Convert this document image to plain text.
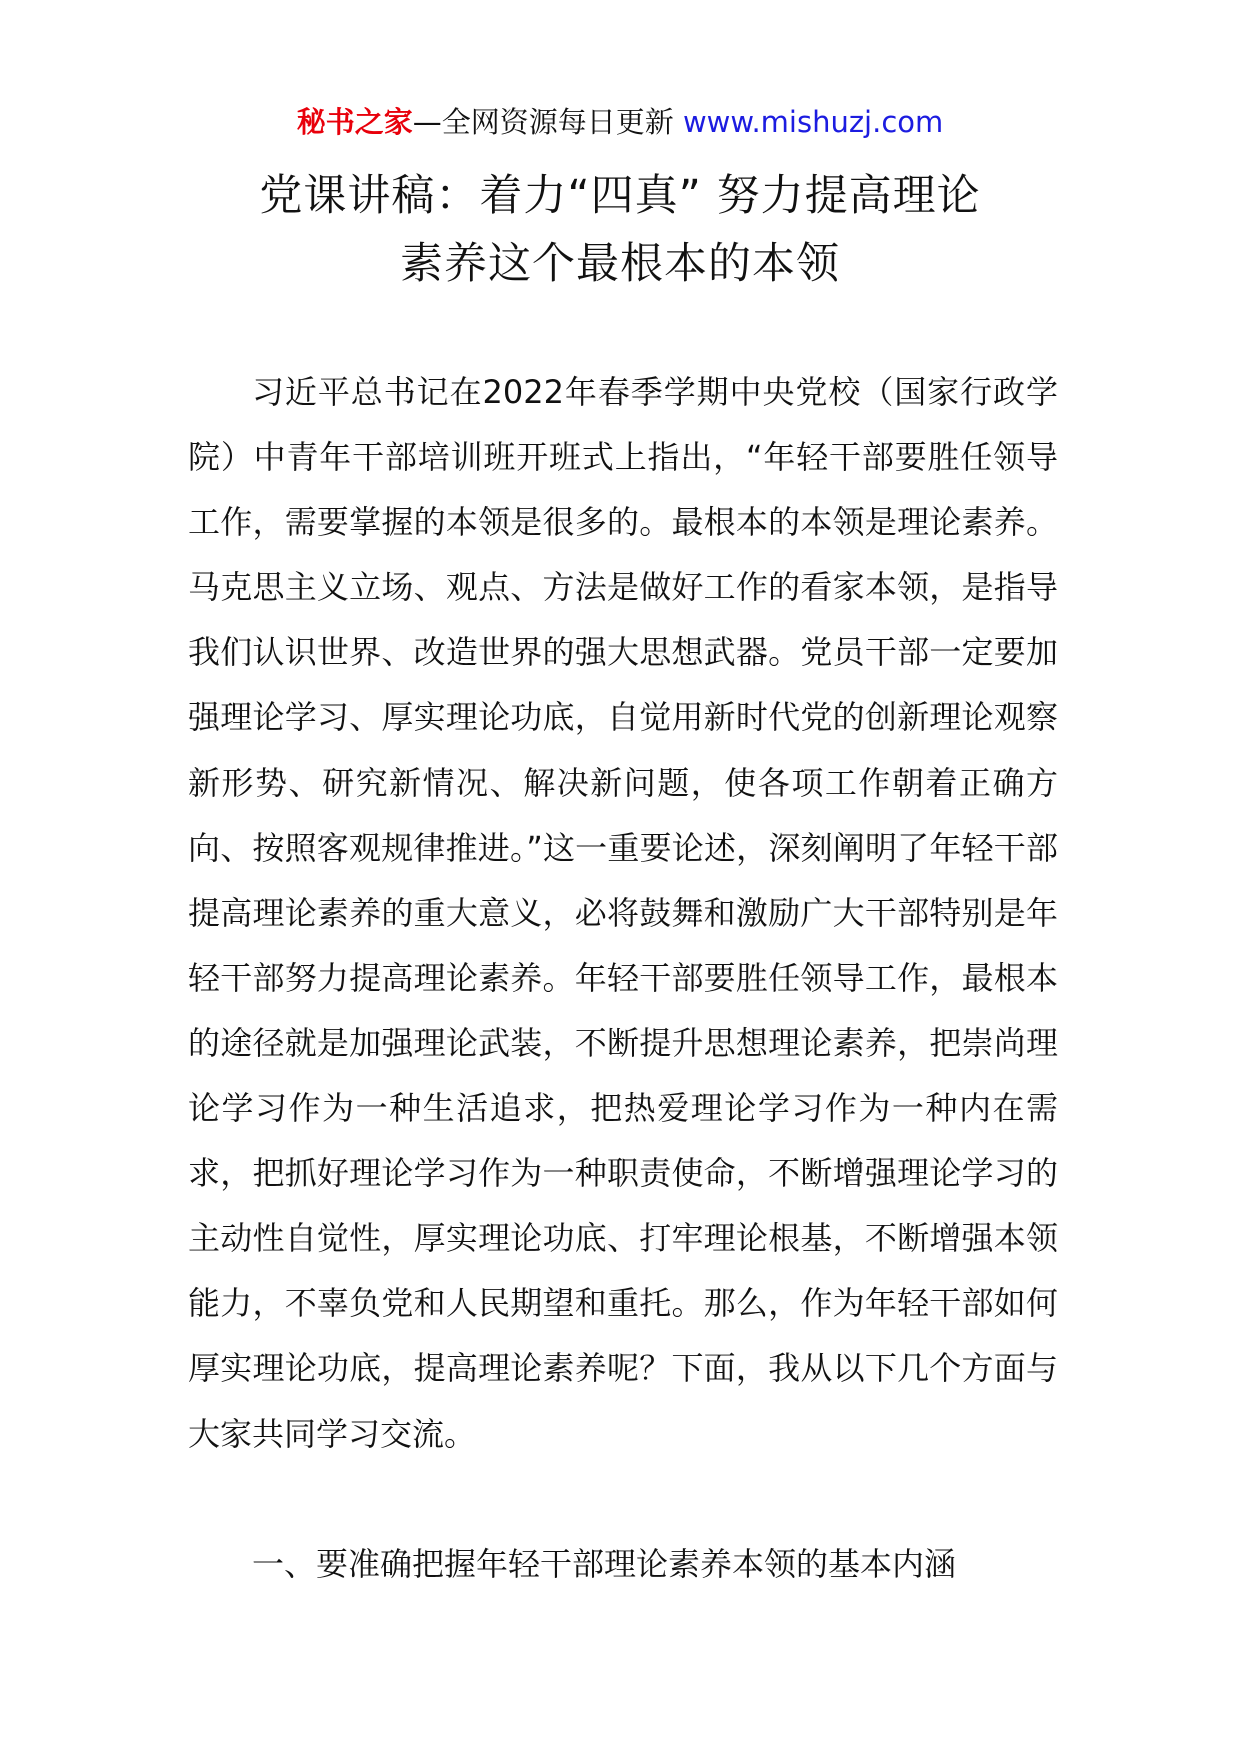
秘书之家—全网资源每日更新 www.mishuzj.com
党课讲稿：着力“四真” 努力提高理论
素养这个最根本的本领

习近平总书记在2022年春季学期中央党校（国家行政学院）中青年干部培训班开班式上指出，“年轻干部要胜任领导工作，需要掌握的本领是很多的。最根本的本领是理论素养。马克思主义立场、观点、方法是做好工作的看家本领，是指导我们认识世界、改造世界的强大思想武器。党员干部一定要加强理论学习、厚实理论功底，自觉用新时代党的创新理论观察新形势、研究新情况、解决新问题，使各项工作朝着正确方向、按照客观规律推进。”这一重要论述，深刻阐明了年轻干部提高理论素养的重大意义，必将鼓舞和激励广大干部特别是年轻干部努力提高理论素养。年轻干部要胜任领导工作，最根本的途径就是加强理论武装，不断提升思想理论素养，把崇尚理论学习作为一种生活追求，把热爱理论学习作为一种内在需求，把抓好理论学习作为一种职责使命，不断增强理论学习的主动性自觉性，厚实理论功底、打牢理论根基，不断增强本领能力，不辜负党和人民期望和重托。那么，作为年轻干部如何厚实理论功底，提高理论素养呢？下面，我从以下几个方面与大家共同学习交流。

一、要准确把握年轻干部理论素养本领的基本内涵
